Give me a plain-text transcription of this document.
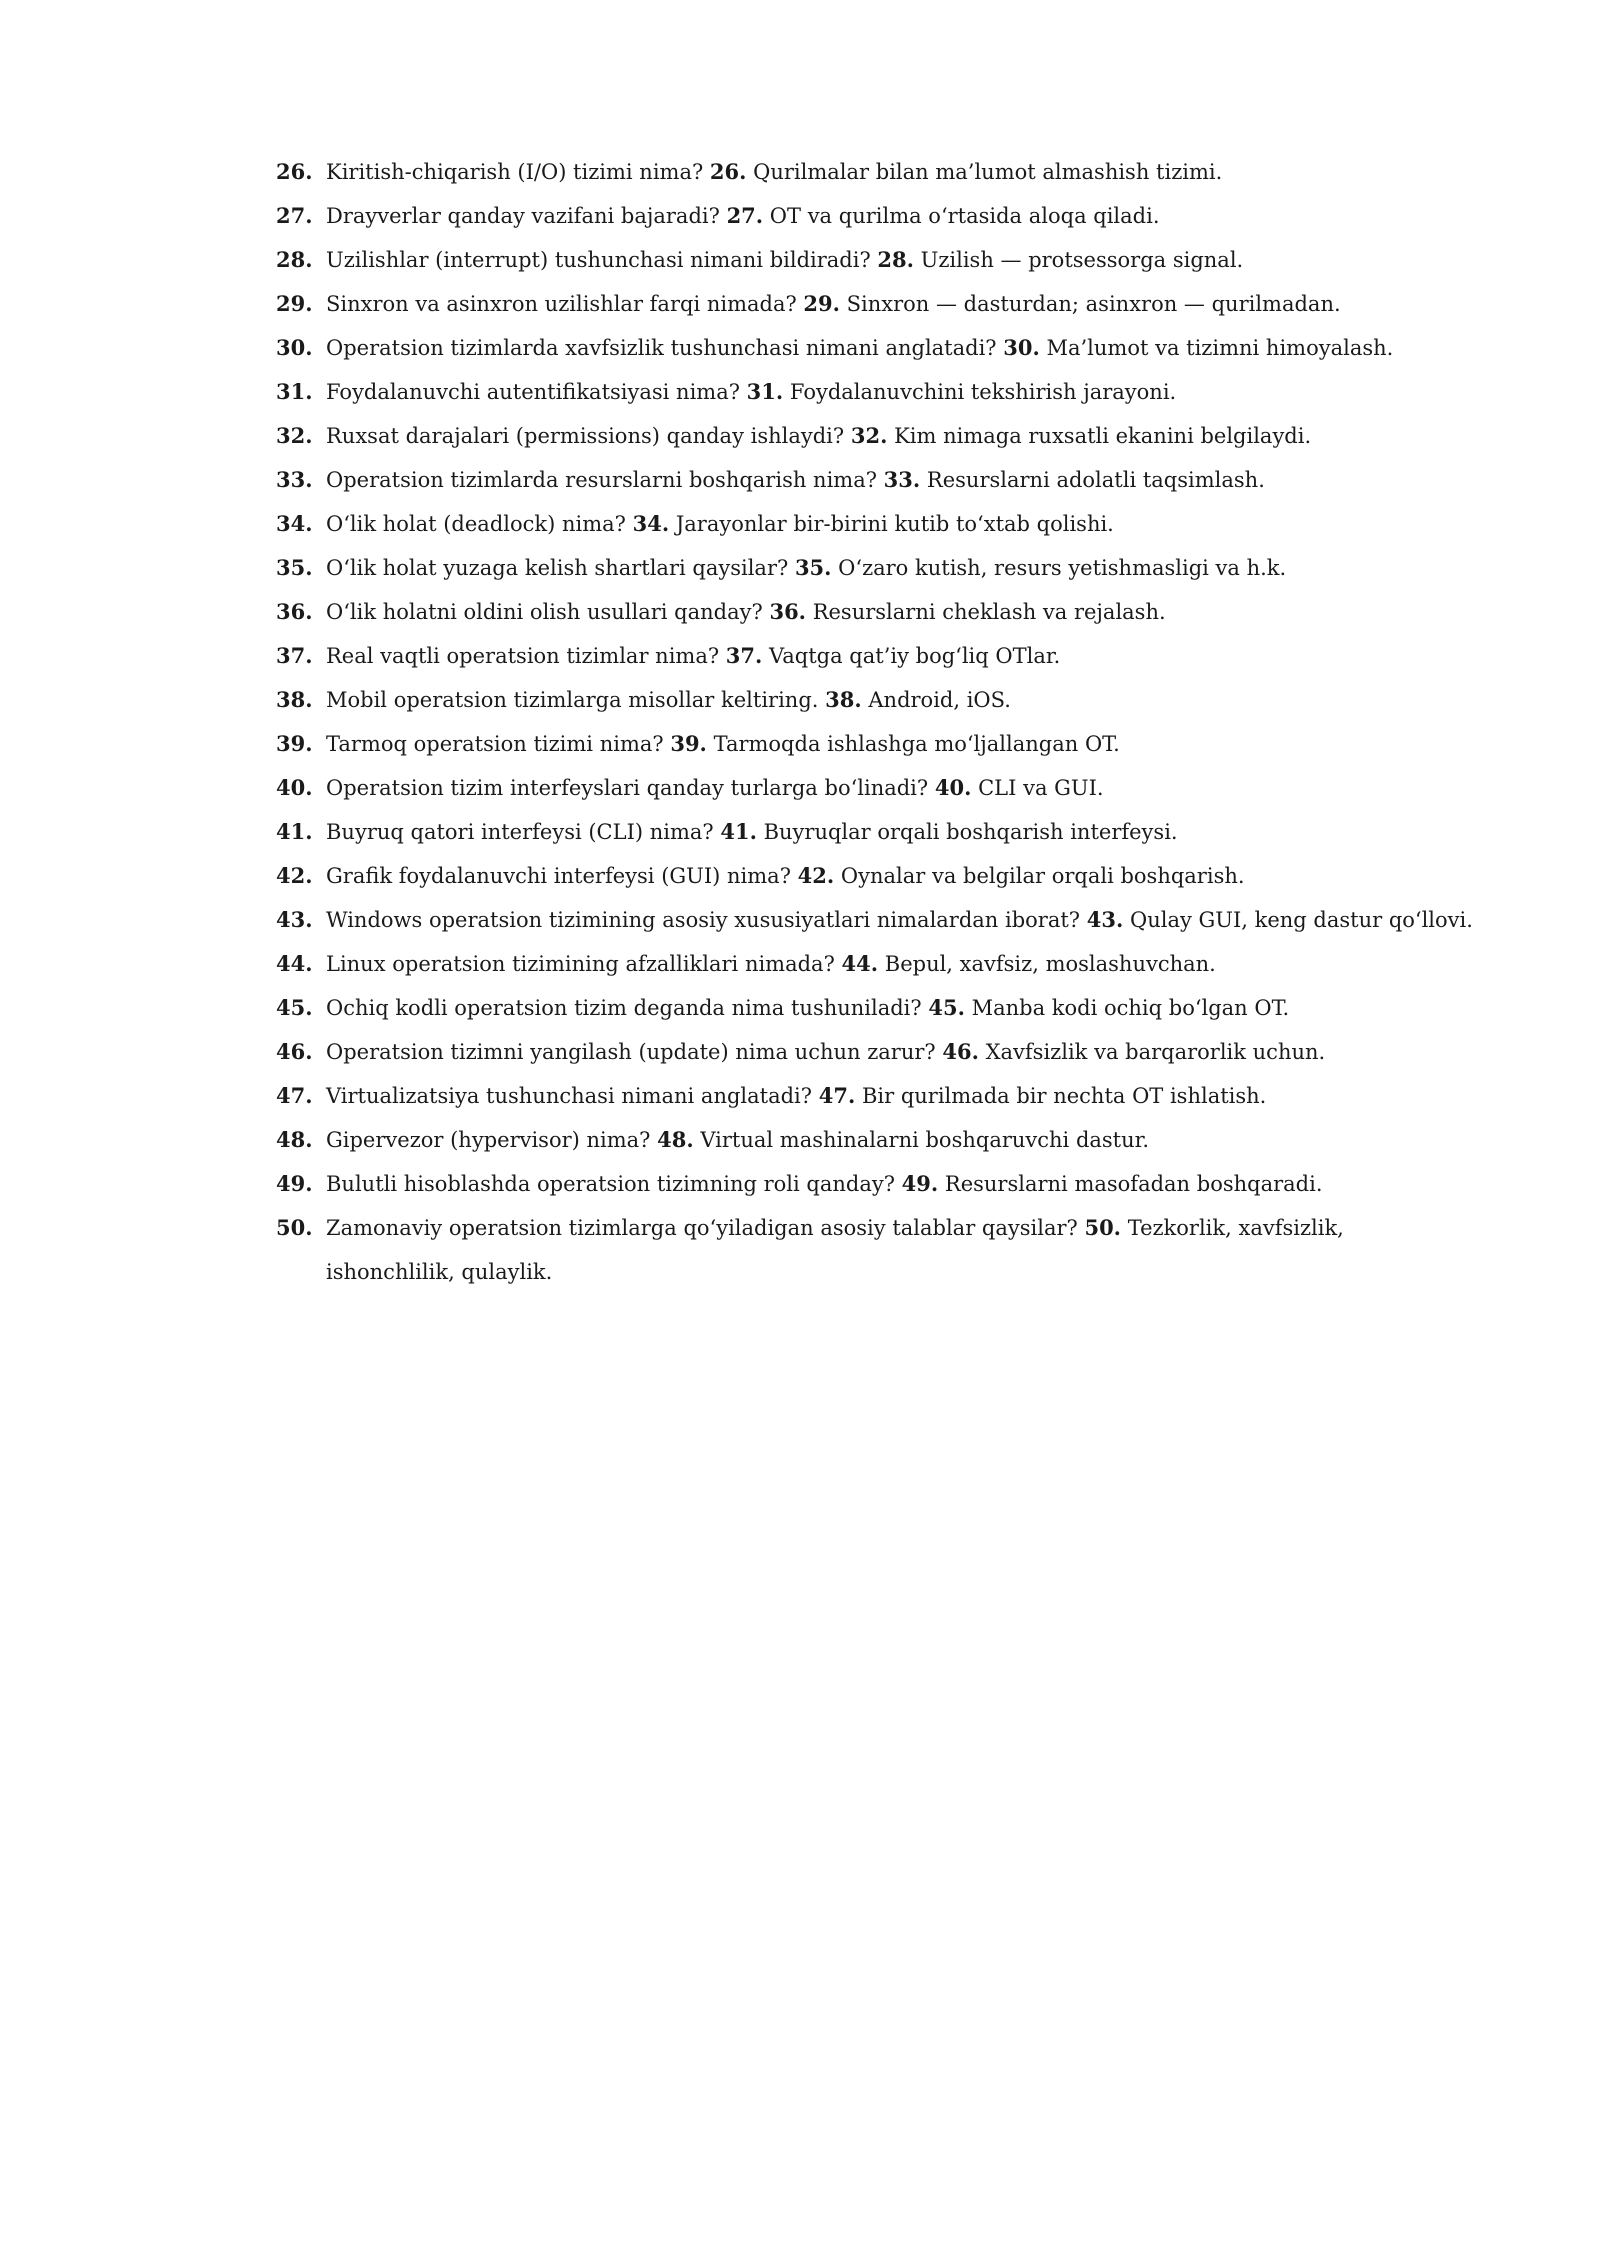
26. Kiritish-chiqarish (I/O) tizimi nima? 26. Qurilmalar bilan ma’lumot almashish tizimi.
27. Drayverlar qanday vazifani bajaradi? 27. OT va qurilma o‘rtasida aloqa qiladi.
28. Uzilishlar (interrupt) tushunchasi nimani bildiradi? 28. Uzilish — protsessorga signal.
29. Sinxron va asinxron uzilishlar farqi nimada? 29. Sinxron — dasturdan; asinxron — qurilmadan.
30. Operatsion tizimlarda xavfsizlik tushunchasi nimani anglatadi? 30. Ma’lumot va tizimni himoyalash.
31. Foydalanuvchi autentifikatsiyasi nima? 31. Foydalanuvchini tekshirish jarayoni.
32. Ruxsat darajalari (permissions) qanday ishlaydi? 32. Kim nimaga ruxsatli ekanini belgilaydi.
33. Operatsion tizimlarda resurslarni boshqarish nima? 33. Resurslarni adolatli taqsimlash.
34. O‘lik holat (deadlock) nima? 34. Jarayonlar bir-birini kutib to‘xtab qolishi.
35. O‘lik holat yuzaga kelish shartlari qaysilar? 35. O‘zaro kutish, resurs yetishmasligi va h.k.
36. O‘lik holatni oldini olish usullari qanday? 36. Resurslarni cheklash va rejalash.
37. Real vaqtli operatsion tizimlar nima? 37. Vaqtga qat’iy bog‘liq OTlar.
38. Mobil operatsion tizimlarga misollar keltiring. 38. Android, iOS.
39. Tarmoq operatsion tizimi nima? 39. Tarmoqda ishlashga mo‘ljallangan OT.
40. Operatsion tizim interfeyslari qanday turlarga bo‘linadi? 40. CLI va GUI.
41. Buyruq qatori interfeysi (CLI) nima? 41. Buyruqlar orqali boshqarish interfeysi.
42. Grafik foydalanuvchi interfeysi (GUI) nima? 42. Oynalar va belgilar orqali boshqarish.
43. Windows operatsion tizimining asosiy xususiyatlari nimalardan iborat? 43. Qulay GUI, keng dastur qo‘llovi.
44. Linux operatsion tizimining afzalliklari nimada? 44. Bepul, xavfsiz, moslashuvchan.
45. Ochiq kodli operatsion tizim deganda nima tushuniladi? 45. Manba kodi ochiq bo‘lgan OT.
46. Operatsion tizimni yangilash (update) nima uchun zarur? 46. Xavfsizlik va barqarorlik uchun.
47. Virtualizatsiya tushunchasi nimani anglatadi? 47. Bir qurilmada bir nechta OT ishlatish.
48. Gipervezor (hypervisor) nima? 48. Virtual mashinalarni boshqaruvchi dastur.
49. Bulutli hisoblashda operatsion tizimning roli qanday? 49. Resurslarni masofadan boshqaradi.
50. Zamonaviy operatsion tizimlarga qo‘yiladigan asosiy talablar qaysilar? 50. Tezkorlik, xavfsizlik, ishonchlilik, qulaylik.
